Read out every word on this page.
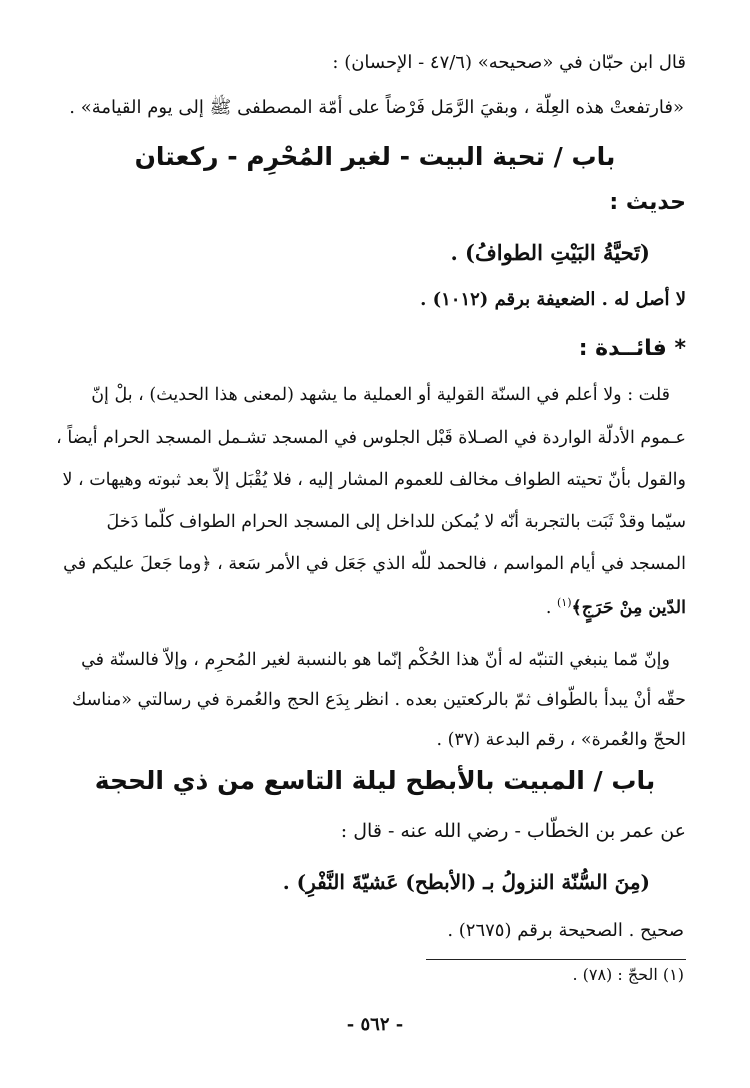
قال ابن حبّان في «صحيحه» (٤٧/٦ - الإحسان) :
«فارتفعتْ هذه العِلّة ، وبقيَ الرَّمَل فَرْضاً على أمّة المصطفى ﷺ إلى يوم القيامة» .
باب / تحية البيت - لغير المُحْرِم - ركعتان
حديث :
(تَحيَّةُ البَيْتِ الطوافُ) .
لا أصل له . الضعيفة برقم (١٠١٢) .
* فائــدة :
قلت : ولا أعلم في السنّة القولية أو العملية ما يشهد (لمعنى هذا الحديث) ، بلْ إنّ
عـموم الأدلّة الواردة في الصـلاة قَبْل الجلوس في المسجد تشـمل المسجد الحرام أيضاً ،
والقول بأنّ تحيته الطواف مخالف للعموم المشار إليه ، فلا يُقْبَل إلاّ بعد ثبوته وهيهات ، لا
سيّما وقدْ ثَبَت بالتجربة أنّه لا يُمكن للداخل إلى المسجد الحرام الطواف كلّما دَخلَ
المسجد في أيام المواسم ، فالحمد للّه الذي جَعَل في الأمر سَعة ، ﴿وما جَعلَ عليكم في
الدّين مِنْ حَرَجٍ﴾$^{(١)}$ .
وإنّ مّما ينبغي التنبّه له أنّ هذا الحُكْم إنّما هو بالنسبة لغير المُحرِم ، وإلاّ فالسنّة في
حقّه أنْ يبدأ بالطّواف ثمّ بالركعتين بعده . انظر بِدَع الحج والعُمرة في رسالتي «مناسك
الحجّ والعُمرة» ، رقم البدعة (٣٧) .
باب / المبيت بالأبطح ليلة التاسع من ذي الحجة
عن عمر بن الخطّاب - رضي الله عنه - قال :
(مِنَ السُّنّة النزولُ بـ (الأبطح) عَشيّةَ النَّفْرِ) .
صحيح . الصحيحة برقم (٢٦٧٥) .
(١) الحجّ : (٧٨) .
- ٥٦٢ -
